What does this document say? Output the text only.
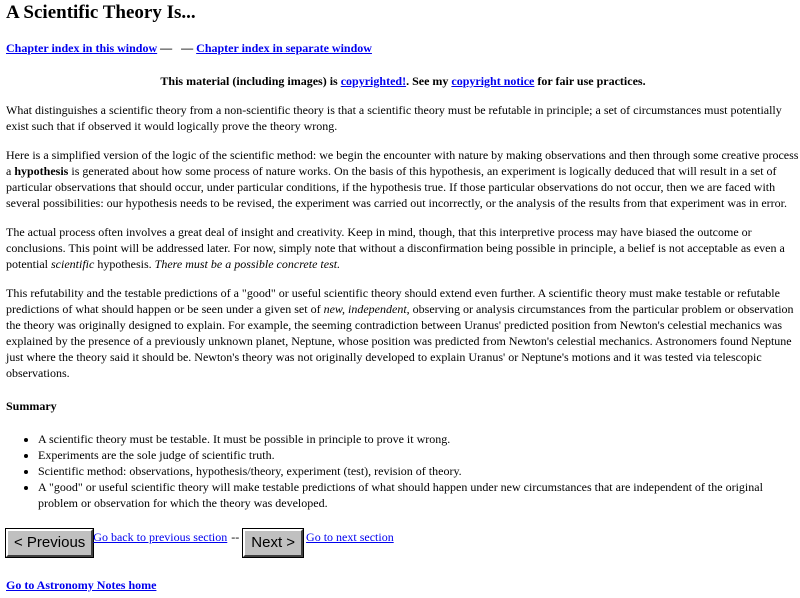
A Scientific Theory Is...
Chapter index in this window — — Chapter index in separate window
This material (including images) is copyrighted!. See my copyright notice for fair use practices.

What distinguishes a scientific theory from a non-scientific theory is that a scientific theory must be refutable in principle; a set of circumstances must potentially exist such that if observed it would logically prove the theory wrong.

Here is a simplified version of the logic of the scientific method: we begin the encounter with nature by making observations and then through some creative process a hypothesis is generated about how some process of nature works. On the basis of this hypothesis, an experiment is logically deduced that will result in a set of particular observations that should occur, under particular conditions, if the hypothesis true. If those particular observations do not occur, then we are faced with several possibilities: our hypothesis needs to be revised, the experiment was carried out incorrectly, or the analysis of the results from that experiment was in error.

The actual process often involves a great deal of insight and creativity. Keep in mind, though, that this interpretive process may have biased the outcome or conclusions. This point will be addressed later. For now, simply note that without a disconfirmation being possible in principle, a belief is not acceptable as even a potential scientific hypothesis. There must be a possible concrete test.

This refutability and the testable predictions of a "good" or useful scientific theory should extend even further. A scientific theory must make testable or refutable predictions of what should happen or be seen under a given set of new, independent, observing or analysis circumstances from the particular problem or observation the theory was originally designed to explain. For example, the seeming contradiction between Uranus' predicted position from Newton's celestial mechanics was explained by the presence of a previously unknown planet, Neptune, whose position was predicted from Newton's celestial mechanics. Astronomers found Neptune just where the theory said it should be. Newton's theory was not originally developed to explain Uranus' or Neptune's motions and it was tested via telescopic observations.

Summary
• A scientific theory must be testable. It must be possible in principle to prove it wrong.
• Experiments are the sole judge of scientific truth.
• Scientific method: observations, hypothesis/theory, experiment (test), revision of theory.
• A "good" or useful scientific theory will make testable predictions of what should happen under new circumstances that are independent of the original problem or observation for which the theory was developed.
< Previous Go back to previous section -- Next >
Go to next section
Go to Astronomy Notes home
